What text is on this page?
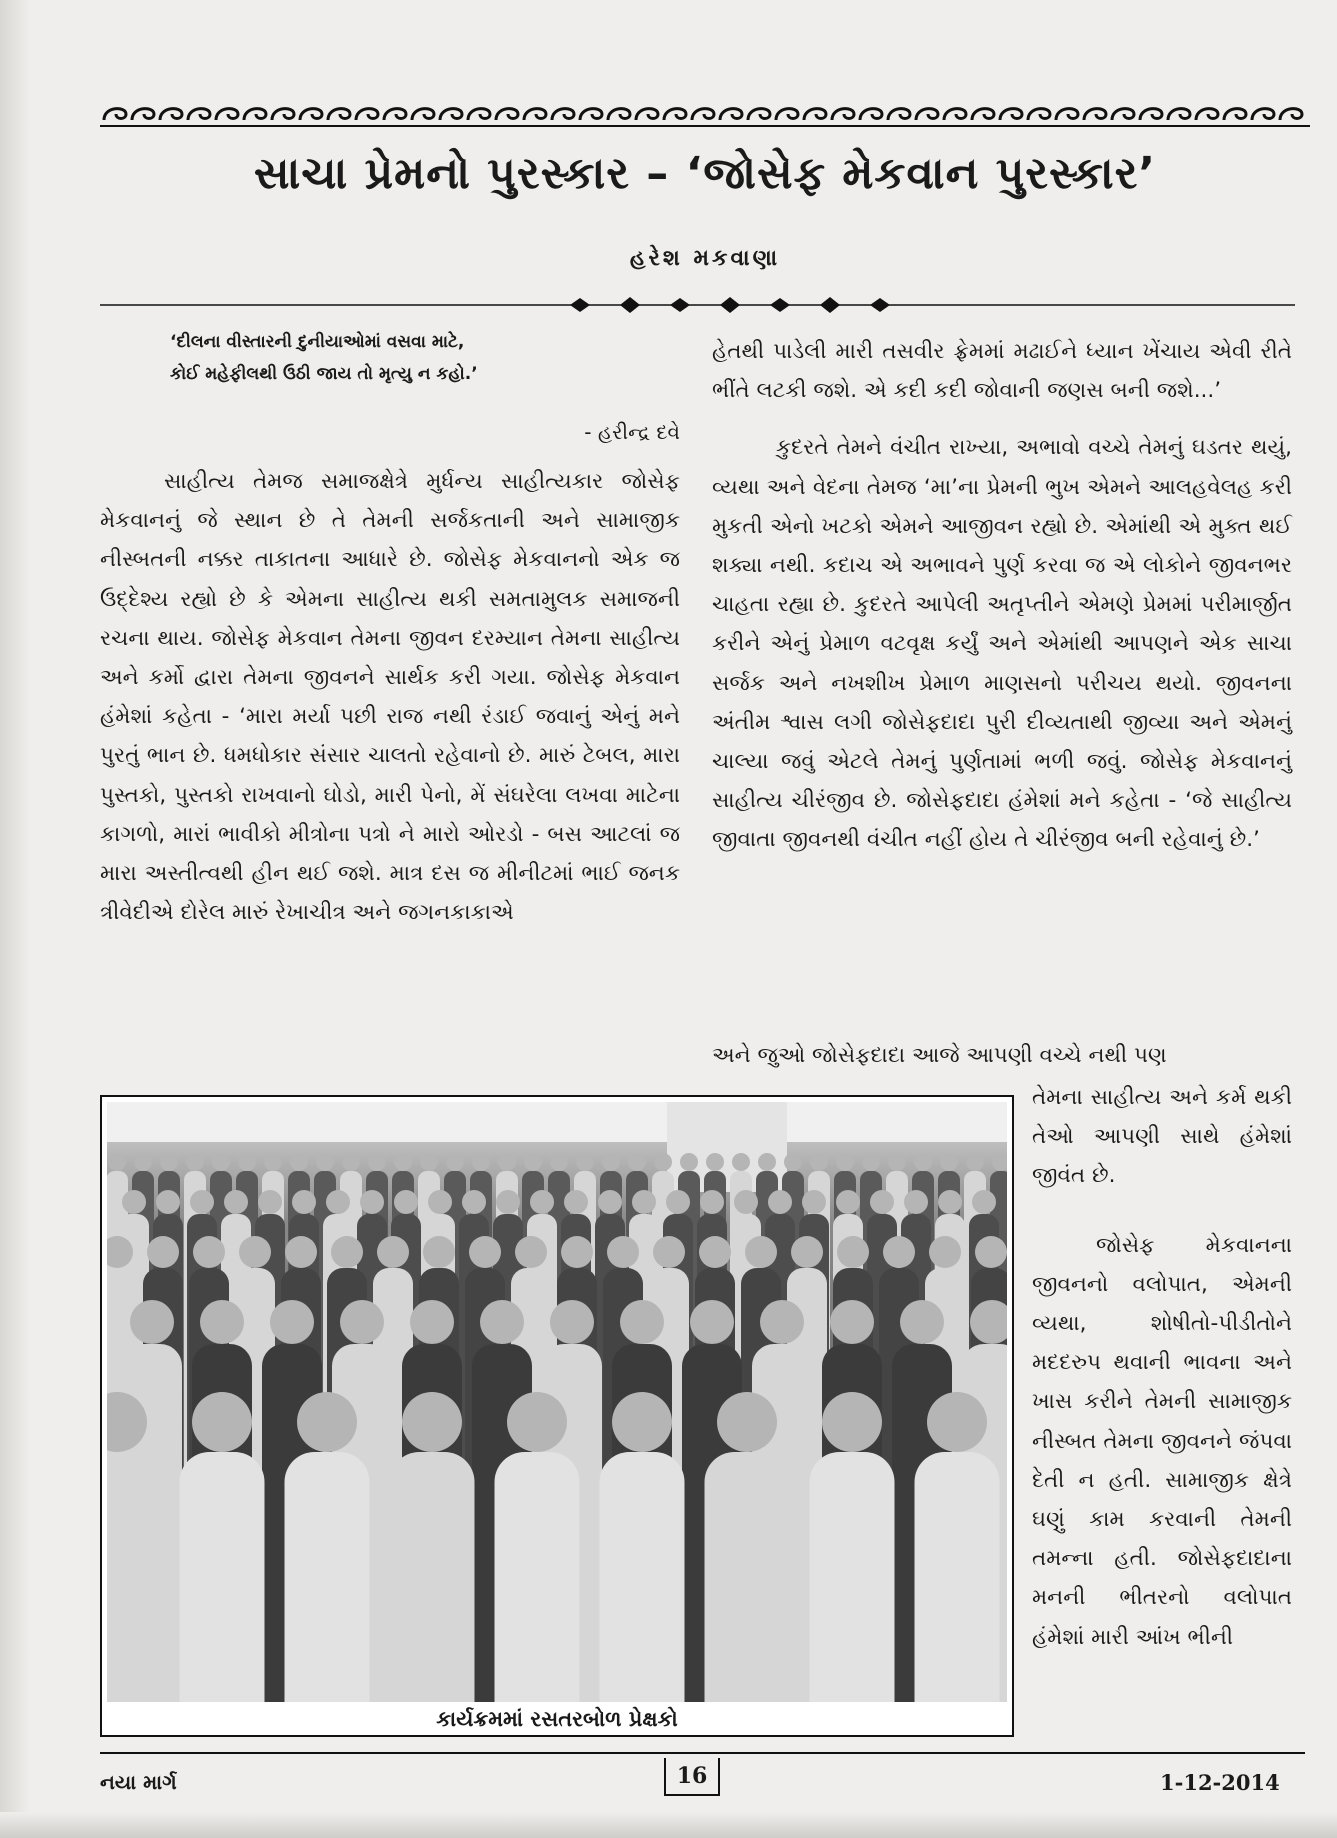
સાચા પ્રેમનો પુરસ્કાર – ‘જોસેફ મેકવાન પુરસ્કાર’
હરેશ મકવાણા
‘દીલના વીસ્તારની દુનીયાઓમાં વસવા માટે,
કોઈ મહેફીલથી ઉઠી જાય તો મૃત્યુ ન કહો.’
- હરીન્દ્ર દવે

સાહીત્ય તેમજ સમાજક્ષેત્રે મુર્ધન્ય સાહીત્યકાર જોસેફ મેકવાનનું જે સ્થાન છે તે તેમની સર્જકતાની અને સામાજીક નીસ્બતની નક્કર તાકાતના આધારે છે. જોસેફ મેકવાનનો એક જ ઉદ્દેશ્ય રહ્યો છે કે એમના સાહીત્ય થકી સમતામુલક સમાજની રચના થાય. જોસેફ મેકવાન તેમના જીવન દરમ્યાન તેમના સાહીત્ય અને કર્મો દ્વારા તેમના જીવનને સાર્થક કરી ગયા. જોસેફ મેકવાન હંમેશાં કહેતા - ‘મારા મર્યા પછી રાજ નથી રંડાઈ જવાનું એનું મને પુરતું ભાન છે. ધમધોકાર સંસાર ચાલતો રહેવાનો છે. મારું ટેબલ, મારા પુસ્તકો, પુસ્તકો રાખવાનો ઘોડો, મારી પેનો, મેં સંઘરેલા લખવા માટેના કાગળો, મારાં ભાવીકો મીત્રોના પત્રો ને મારો ઓરડો - બસ આટલાં જ મારા અસ્તીત્વથી હીન થઈ જશે. માત્ર દસ જ મીનીટમાં ભાઈ જનક ત્રીવેદીએ દોરેલ મારું રેખાચીત્ર અને જગનકાકાએ

હેતથી પાડેલી મારી તસવીર ફ્રેમમાં મઢાઈને ધ્યાન ખેંચાય એવી રીતે ભીંતે લટકી જશે. એ કદી કદી જોવાની જણસ બની જશે...’

કુદરતે તેમને વંચીત રાખ્યા, અભાવો વચ્ચે તેમનું ઘડતર થયું, વ્યથા અને વેદના તેમજ ‘મા’ના પ્રેમની ભુખ એમને આલહવેલહ કરી મુકતી એનો ખટકો એમને આજીવન રહ્યો છે. એમાંથી એ મુક્ત થઈ શક્યા નથી. કદાચ એ અભાવને પુર્ણ કરવા જ એ લોકોને જીવનભર ચાહતા રહ્યા છે. કુદરતે આપેલી અતૃપ્તીને એમણે પ્રેમમાં પરીમાર્જીત કરીને એનું પ્રેમાળ વટવૃક્ષ કર્યું અને એમાંથી આપણને એક સાચા સર્જક અને નખશીખ પ્રેમાળ માણસનો પરીચય થયો. જીવનના અંતીમ શ્વાસ લગી જોસેફદાદા પુરી દીવ્યતાથી જીવ્યા અને એમનું ચાલ્યા જવું એટલે તેમનું પુર્ણતામાં ભળી જવું. જોસેફ મેકવાનનું સાહીત્ય ચીરંજીવ છે. જોસેફદાદા હંમેશાં મને કહેતા - ‘જે સાહીત્ય જીવાતા જીવનથી વંચીત નહીં હોય તે ચીરંજીવ બની રહેવાનું છે.’

અને જુઓ જોસેફદાદા આજે આપણી વચ્ચે નથી પણ

તેમના સાહીત્ય અને કર્મ થકી તેઓ આપણી સાથે હંમેશાં જીવંત છે.

જોસેફ મેકવાનના જીવનનો વલોપાત, એમની વ્યથા, શોષીતો-પીડીતોને મદદરુપ થવાની ભાવના અને ખાસ કરીને તેમની સામાજીક નીસ્બત તેમના જીવનને જંપવા દેતી ન હતી. સામાજીક ક્ષેત્રે ઘણું કામ કરવાની તેમની તમન્ના હતી. જોસેફદાદાના મનની ભીતરનો વલોપાત હંમેશાં મારી આંખ ભીની

કાર્યક્રમમાં રસતરબોળ પ્રેક્ષકો
નયા માર્ગ	16	1-12-2014
